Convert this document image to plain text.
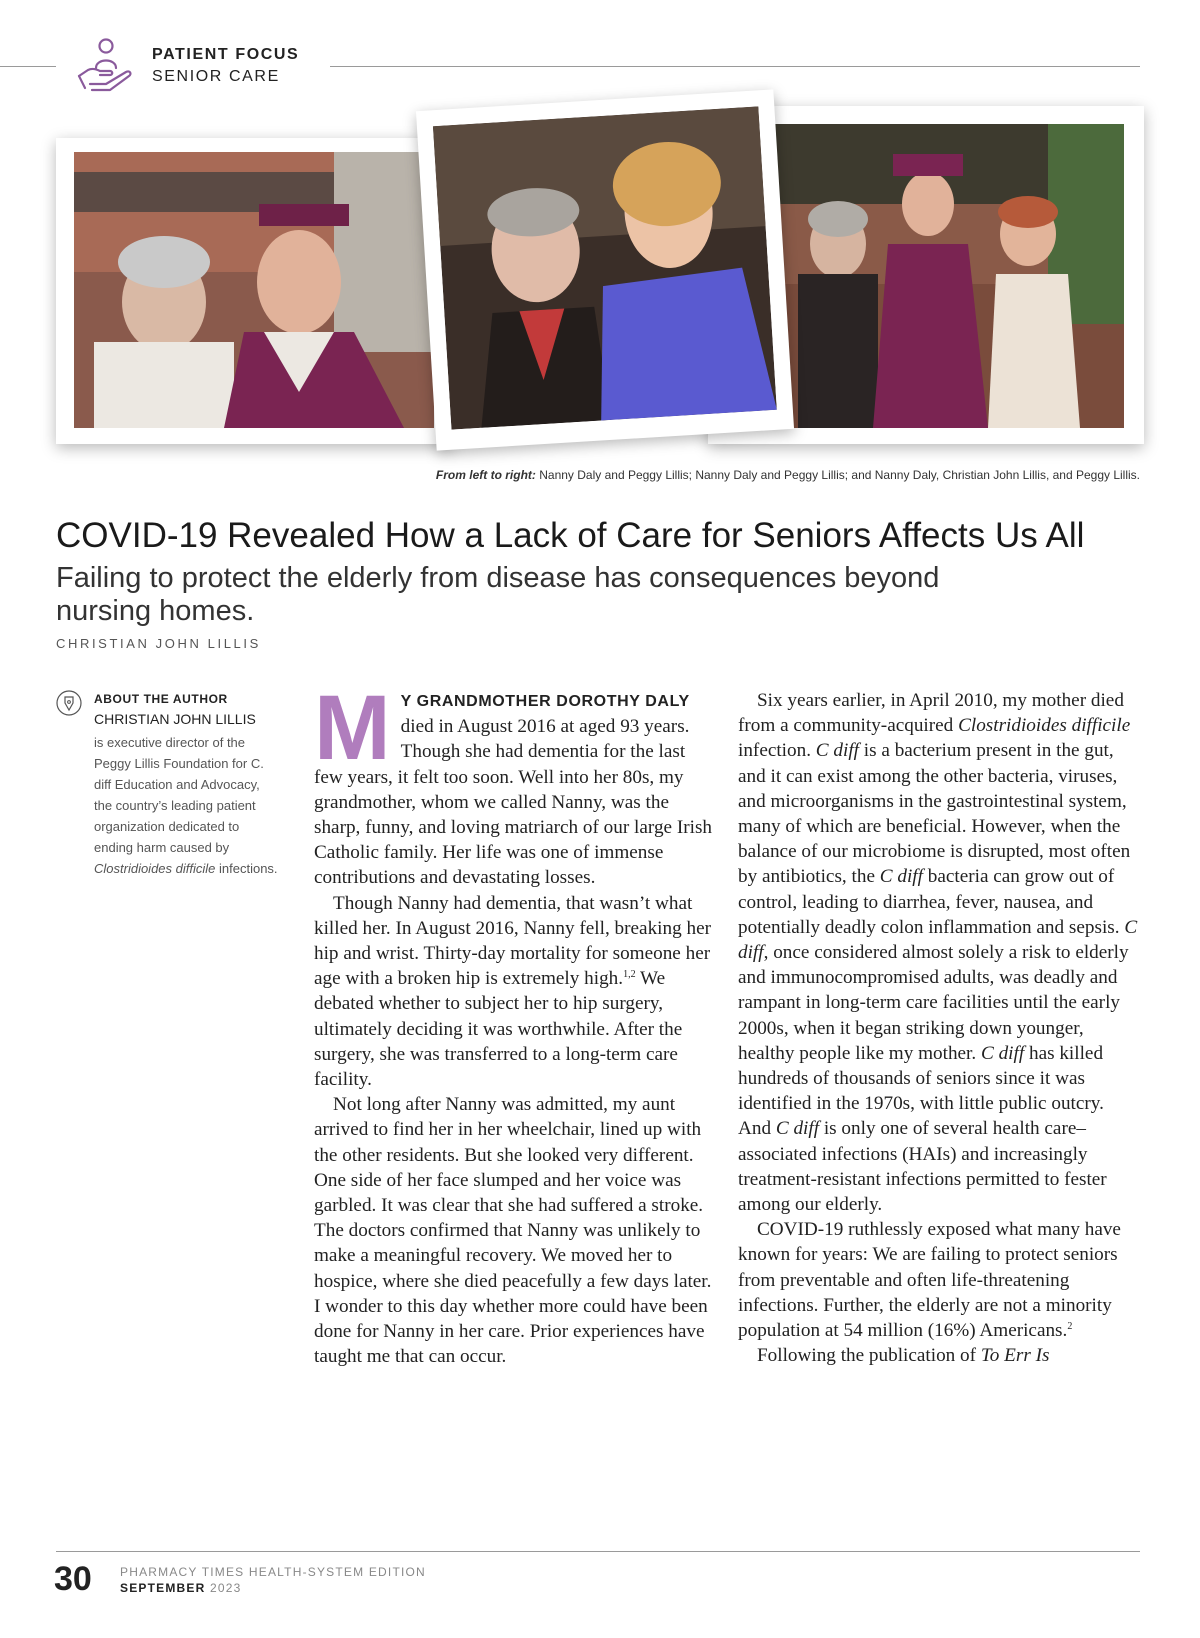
PATIENT FOCUS
SENIOR CARE
From left to right: Nanny Daly and Peggy Lillis; Nanny Daly and Peggy Lillis; and Nanny Daly, Christian John Lillis, and Peggy Lillis.
COVID-19 Revealed How a Lack of Care for Seniors Affects Us All
Failing to protect the elderly from disease has consequences beyond nursing homes.
CHRISTIAN JOHN LILLIS
ABOUT THE AUTHOR
CHRISTIAN JOHN LILLIS
is executive director of the Peggy Lillis Foundation for C. diff Education and Advocacy, the country’s leading patient organization dedicated to ending harm caused by Clostridioides difficile infections.

M Y GRANDMOTHER DOROTHY DALY died in August 2016 at aged 93 years. Though she had dementia for the last few years, it felt too soon. Well into her 80s, my grandmother, whom we called Nanny, was the sharp, funny, and loving matriarch of our large Irish Catholic family. Her life was one of immense contributions and devastating losses.

Though Nanny had dementia, that wasn’t what killed her. In August 2016, Nanny fell, breaking her hip and wrist. Thirty-day mortality for someone her age with a broken hip is extremely high.$^{1,2}$ We debated whether to subject her to hip surgery, ultimately deciding it was worthwhile. After the surgery, she was transferred to a long-term care facility.

Not long after Nanny was admitted, my aunt arrived to find her in her wheelchair, lined up with the other residents. But she looked very different. One side of her face slumped and her voice was garbled. It was clear that she had suffered a stroke. The doctors confirmed that Nanny was unlikely to make a meaningful recovery. We moved her to hospice, where she died peacefully a few days later. I wonder to this day whether more could have been done for Nanny in her care. Prior experiences have taught me that can occur.

Six years earlier, in April 2010, my mother died from a community-acquired Clostridioides difficile infection. C diff is a bacterium present in the gut, and it can exist among the other bacteria, viruses, and microorganisms in the gastrointestinal system, many of which are beneficial. However, when the balance of our microbiome is disrupted, most often by antibiotics, the C diff bacteria can grow out of control, leading to diarrhea, fever, nausea, and potentially deadly colon inflammation and sepsis. C diff, once considered almost solely a risk to elderly and immunocompromised adults, was deadly and rampant in long-term care facilities until the early 2000s, when it began striking down younger, healthy people like my mother. C diff has killed hundreds of thousands of seniors since it was identified in the 1970s, with little public outcry. And C diff is only one of several health care–associated infections (HAIs) and increasingly treatment-resistant infections permitted to fester among our elderly.

COVID-19 ruthlessly exposed what many have known for years: We are failing to protect seniors from preventable and often life-threatening infections. Further, the elderly are not a minority population at 54 million (16%) Americans.$^2$

Following the publication of To Err Is

30 PHARMACY TIMES HEALTH-SYSTEM EDITION
SEPTEMBER 2023
